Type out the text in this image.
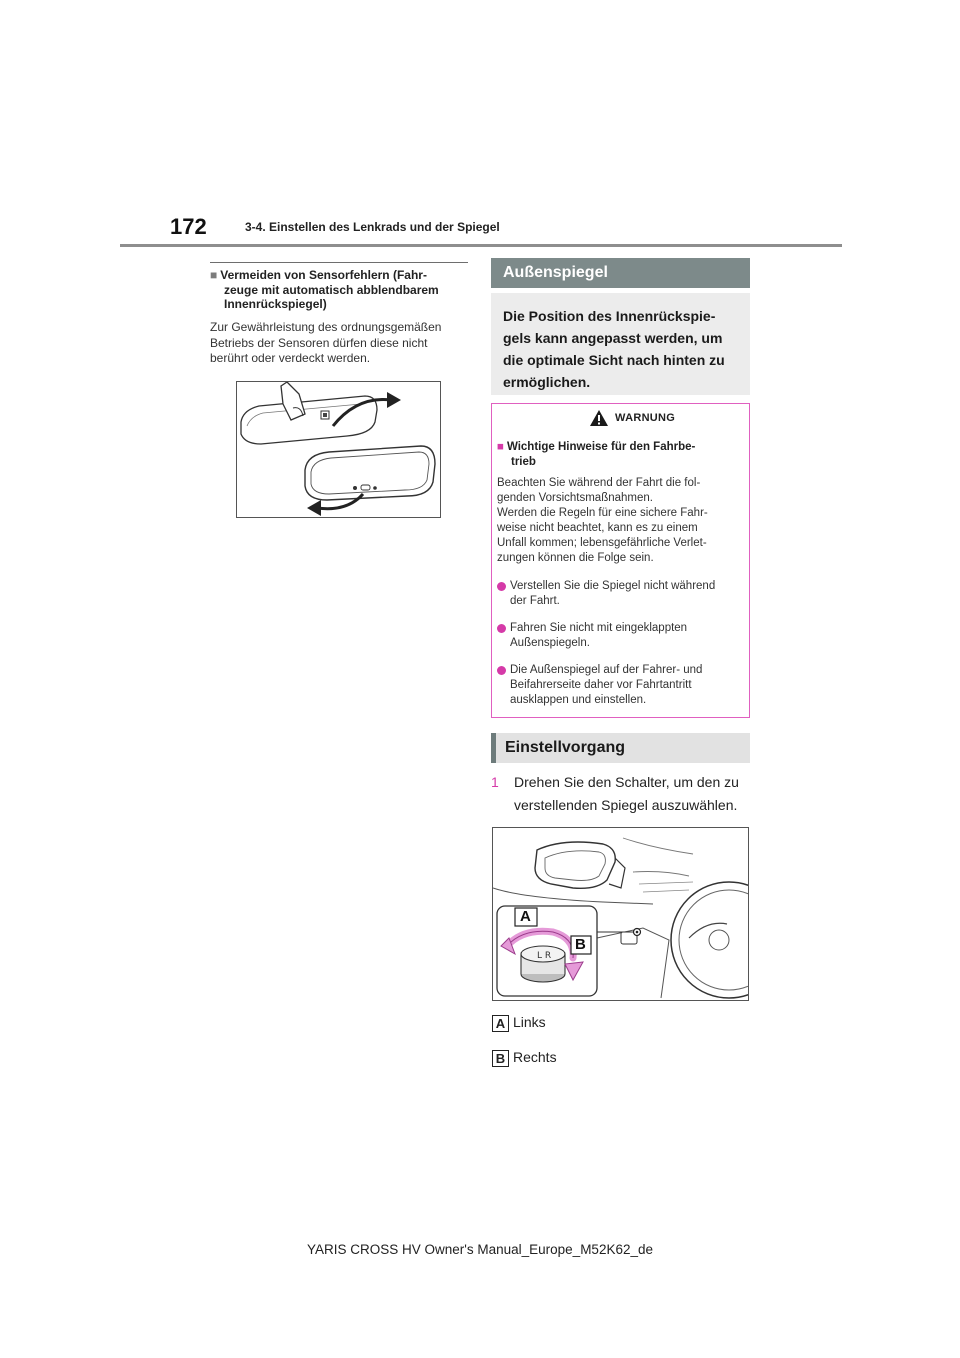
172	3-4. Einstellen des Lenkrads und der Spiegel
■ Vermeiden von Sensorfehlern (Fahr-
zeuge mit automatisch abblendbarem
Innenrückspiegel)
Zur Gewährleistung des ordnungsgemäßen
Betriebs der Sensoren dürfen diese nicht
berührt oder verdeckt werden.
Außenspiegel
Die Position des Innenrückspie-
gels kann angepasst werden, um
die optimale Sicht nach hinten zu
ermöglichen.
WARNUNG
■ Wichtige Hinweise für den Fahrbe-
trieb
Beachten Sie während der Fahrt die fol-
genden Vorsichtsmaßnahmen.
Werden die Regeln für eine sichere Fahr-
weise nicht beachtet, kann es zu einem
Unfall kommen; lebensgefährliche Verlet-
zungen können die Folge sein.
Verstellen Sie die Spiegel nicht während
der Fahrt.
Fahren Sie nicht mit eingeklappten
Außenspiegeln.
Die Außenspiegel auf der Fahrer- und
Beifahrerseite daher vor Fahrtantritt
ausklappen und einstellen.
Einstellvorgang
1 Drehen Sie den Schalter, um den zu
verstellenden Spiegel auszuwählen.
L R
A
B
A Links
B Rechts
YARIS CROSS HV Owner's Manual_Europe_M52K62_de
